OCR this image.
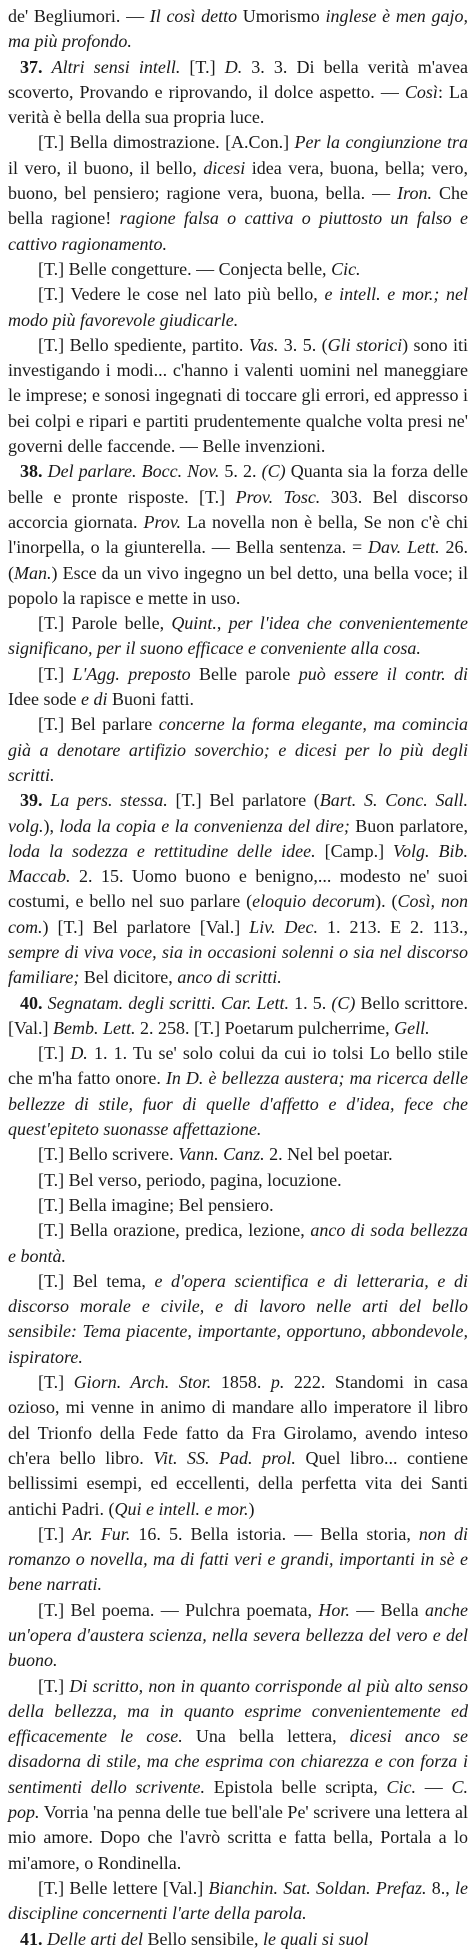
de' Begliumori. — Il così detto Umorismo inglese è men gajo, ma più profondo.

37. Altri sensi intell. [T.] D. 3. 3. Di bella verità m'avea scoverto, Provando e riprovando, il dolce aspetto. — Così: La verità è bella della sua propria luce.

[T.] Bella dimostrazione. [A.Con.] Per la congiunzione tra il vero, il buono, il bello, dicesi idea vera, buona, bella; vero, buono, bel pensiero; ragione vera, buona, bella. — Iron. Che bella ragione! ragione falsa o cattiva o piuttosto un falso e cattivo ragionamento.

[T.] Belle congetture. — Conjecta belle, Cic.

[T.] Vedere le cose nel lato più bello, e intell. e mor.; nel modo più favorevole giudicarle.

[T.] Bello spediente, partito. Vas. 3. 5. (Gli storici) sono iti investigando i modi... c'hanno i valenti uomini nel maneggiare le imprese; e sonosi ingegnati di toccare gli errori, ed appresso i bei colpi e ripari e partiti prudentemente qualche volta presi ne' governi delle faccende. — Belle invenzioni.

38. Del parlare. Bocc. Nov. 5. 2. (C) Quanta sia la forza delle belle e pronte risposte. [T.] Prov. Tosc. 303. Bel discorso accorcia giornata. Prov. La novella non è bella, Se non c'è chi l'inorpella, o la giunterella. — Bella sentenza. = Dav. Lett. 26. (Man.) Esce da un vivo ingegno un bel detto, una bella voce; il popolo la rapisce e mette in uso.

[T.] Parole belle, Quint., per l'idea che convenientemente significano, per il suono efficace e conveniente alla cosa.

[T.] L'Agg. preposto Belle parole può essere il contr. di Idee sode e di Buoni fatti.

[T.] Bel parlare concerne la forma elegante, ma comincia già a denotare artifizio soverchio; e dicesi per lo più degli scritti.

39. La pers. stessa. [T.] Bel parlatore (Bart. S. Conc. Sall. volg.), loda la copia e la convenienza del dire; Buon parlatore, loda la sodezza e rettitudine delle idee. [Camp.] Volg. Bib. Maccab. 2. 15. Uomo buono e benigno,... modesto ne' suoi costumi, e bello nel suo parlare (eloquio decorum). (Così, non com.) [T.] Bel parlatore [Val.] Liv. Dec. 1. 213. E 2. 113., sempre di viva voce, sia in occasioni solenni o sia nel discorso familiare; Bel dicitore, anco di scritti.

40. Segnatam. degli scritti. Car. Lett. 1. 5. (C) Bello scrittore. [Val.] Bemb. Lett. 2. 258. [T.] Poetarum pulcherrime, Gell.

[T.] D. 1. 1. Tu se' solo colui da cui io tolsi Lo bello stile che m'ha fatto onore. In D. è bellezza austera; ma ricerca delle bellezze di stile, fuor di quelle d'affetto e d'idea, fece che quest'epiteto suonasse affettazione.

[T.] Bello scrivere. Vann. Canz. 2. Nel bel poetar.

[T.] Bel verso, periodo, pagina, locuzione.

[T.] Bella imagine; Bel pensiero.

[T.] Bella orazione, predica, lezione, anco di soda bellezza e bontà.

[T.] Bel tema, e d'opera scientifica e di letteraria, e di discorso morale e civile, e di lavoro nelle arti del bello sensibile: Tema piacente, importante, opportuno, abbondevole, ispiratore.

[T.] Giorn. Arch. Stor. 1858. p. 222. Standomi in casa ozioso, mi venne in animo di mandare allo imperatore il libro del Trionfo della Fede fatto da Fra Girolamo, avendo inteso ch'era bello libro. Vit. SS. Pad. prol. Quel libro... contiene bellissimi esempi, ed eccellenti, della perfetta vita dei Santi antichi Padri. (Qui e intell. e mor.)

[T.] Ar. Fur. 16. 5. Bella istoria. — Bella storia, non di romanzo o novella, ma di fatti veri e grandi, importanti in sè e bene narrati.

[T.] Bel poema. — Pulchra poemata, Hor. — Bella anche un'opera d'austera scienza, nella severa bellezza del vero e del buono.

[T.] Di scritto, non in quanto corrisponde al più alto senso della bellezza, ma in quanto esprime convenientemente ed efficacemente le cose. Una bella lettera, dicesi anco se disadorna di stile, ma che esprima con chiarezza e con forza i sentimenti dello scrivente. Epistola belle scripta, Cic. — C. pop. Vorria 'na penna delle tue bell'ale Pe' scrivere una lettera al mio amore. Dopo che l'avrò scritta e fatta bella, Portala a lo mi'amore, o Rondinella.

[T.] Belle lettere [Val.] Bianchin. Sat. Soldan. Prefaz. 8., le discipline concernenti l'arte della parola.

41. Delle arti del Bello sensibile, le quali si suol
